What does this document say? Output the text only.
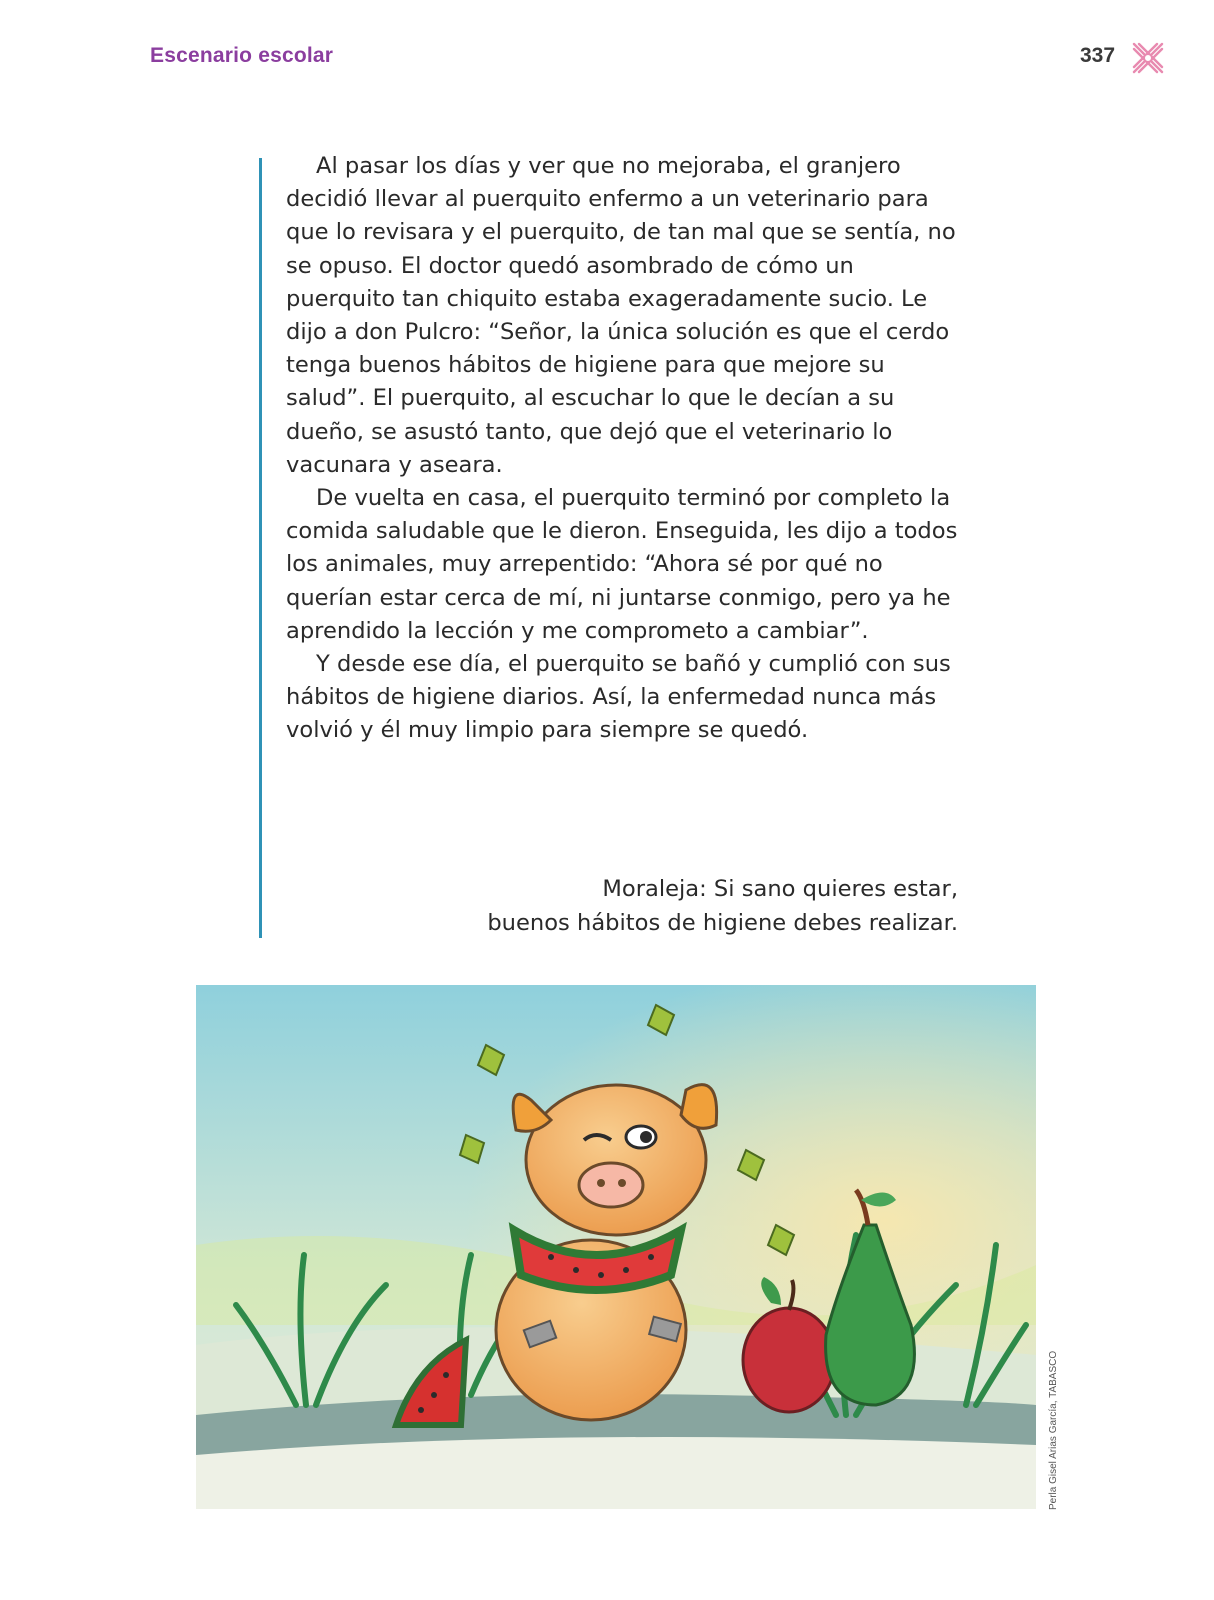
Escenario escolar	337

Al pasar los días y ver que no mejoraba, el granjero decidió llevar al puerquito enfermo a un veterinario para que lo revisara y el puerquito, de tan mal que se sentía, no se opuso. El doctor quedó asombrado de cómo un puerquito tan chiquito estaba exageradamente sucio. Le dijo a don Pulcro: “Señor, la única solución es que el cerdo tenga buenos hábitos de higiene para que mejore su salud”. El puerquito, al escuchar lo que le decían a su dueño, se asustó tanto, que dejó que el veterinario lo vacunara y aseara.

De vuelta en casa, el puerquito terminó por completo la comida saludable que le dieron. Enseguida, les dijo a todos los animales, muy arrepentido: “Ahora sé por qué no querían estar cerca de mí, ni juntarse conmigo, pero ya he aprendido la lección y me comprometo a cambiar”.

Y desde ese día, el puerquito se bañó y cumplió con sus hábitos de higiene diarios. Así, la enfermedad nunca más volvió y él muy limpio para siempre se quedó.

Moraleja: Si sano quieres estar,
buenos hábitos de higiene debes realizar.
Perla Gisel Arias García, TABASCO
